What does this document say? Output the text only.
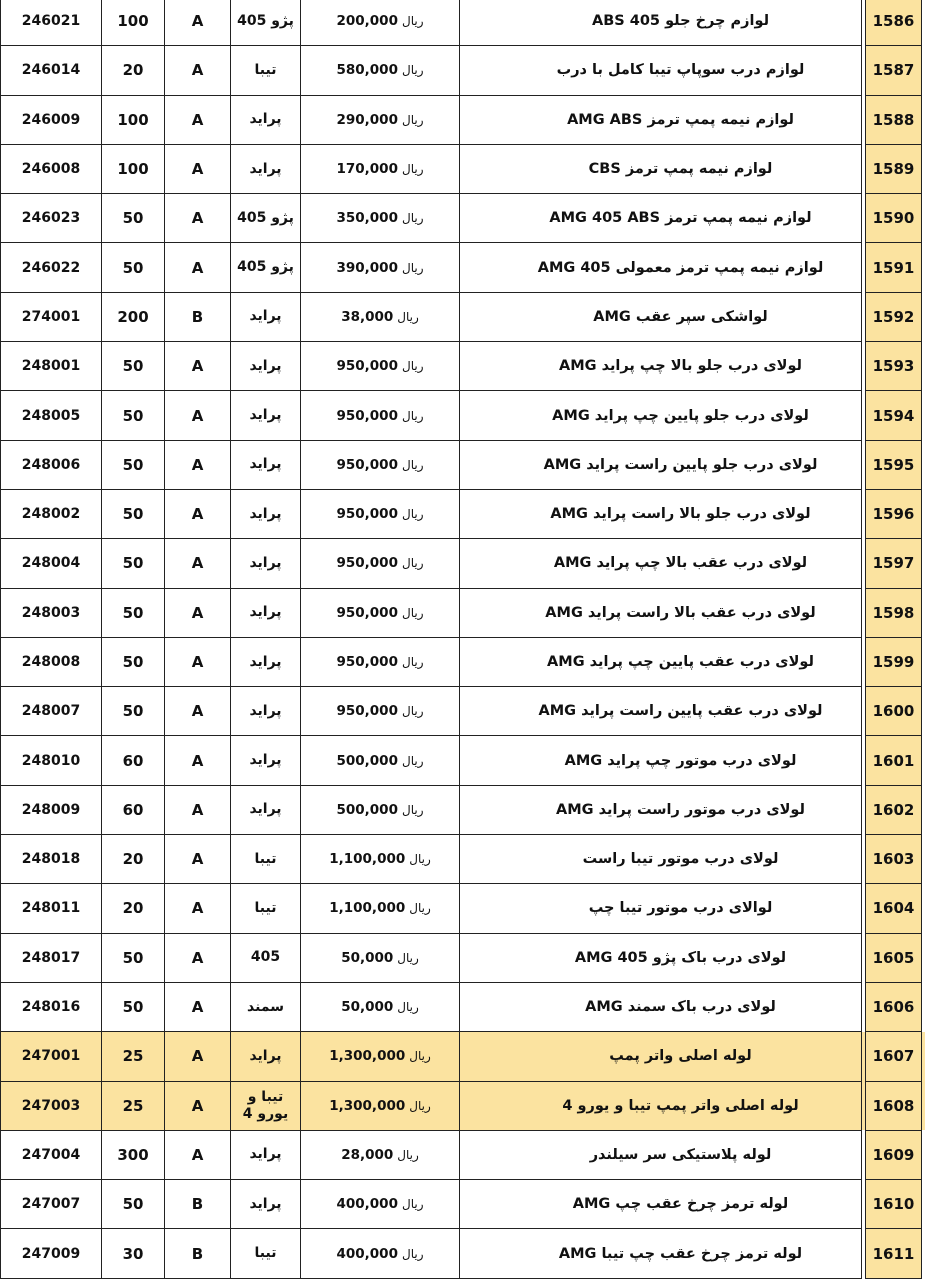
246021	100	A	پژو 405	ریال200,000	لوازم چرخ جلو ABS 405		1586	
246014	20	A	تیبا	ریال580,000	لوازم درب سوپاپ تیبا کامل با درب		1587	
246009	100	A	پراید	ریال290,000	لوازم نیمه پمپ ترمز AMG ABS		1588	
246008	100	A	پراید	ریال170,000	لوازم نیمه پمپ ترمز CBS		1589	
246023	50	A	پژو 405	ریال350,000	لوازم نیمه پمپ ترمز AMG 405 ABS		1590	
246022	50	A	پژو 405	ریال390,000	لوازم نیمه پمپ ترمز معمولی AMG 405		1591	
274001	200	B	پراید	ریال38,000	لواشکی سپر عقب AMG		1592	
248001	50	A	پراید	ریال950,000	لولای درب جلو بالا چپ پراید AMG		1593	
248005	50	A	پراید	ریال950,000	لولای درب جلو پایین چپ پراید AMG		1594	
248006	50	A	پراید	ریال950,000	لولای درب جلو پایین راست پراید AMG		1595	
248002	50	A	پراید	ریال950,000	لولای درب جلو بالا راست پراید AMG		1596	
248004	50	A	پراید	ریال950,000	لولای درب عقب بالا چپ پراید AMG		1597	
248003	50	A	پراید	ریال950,000	لولای درب عقب بالا راست پراید AMG		1598	
248008	50	A	پراید	ریال950,000	لولای درب عقب پایین چپ پراید AMG		1599	
248007	50	A	پراید	ریال950,000	لولای درب عقب پایین راست پراید AMG		1600	
248010	60	A	پراید	ریال500,000	لولای درب موتور چپ پراید AMG		1601	
248009	60	A	پراید	ریال500,000	لولای درب موتور راست پراید AMG		1602	
248018	20	A	تیبا	ریال1,100,000	لولای درب موتور تیبا راست		1603	
248011	20	A	تیبا	ریال1,100,000	لوالای درب موتور تیبا چپ		1604	
248017	50	A	405	ریال50,000	لولای درب باک پژو AMG 405		1605	
248016	50	A	سمند	ریال50,000	لولای درب باک سمند AMG		1606	
247001	25	A	پراید	ریال1,300,000	لوله اصلی واتر پمپ		1607	
247003	25	A	تیبا و یورو 4	ریال1,300,000	لوله اصلی واتر پمپ تیبا و یورو 4		1608	
247004	300	A	پراید	ریال28,000	لوله پلاستیکی سر سیلندر		1609	
247007	50	B	پراید	ریال400,000	لوله ترمز چرخ عقب چپ AMG		1610	
247009	30	B	تیبا	ریال400,000	لوله ترمز چرخ عقب چپ تیبا AMG		1611	
